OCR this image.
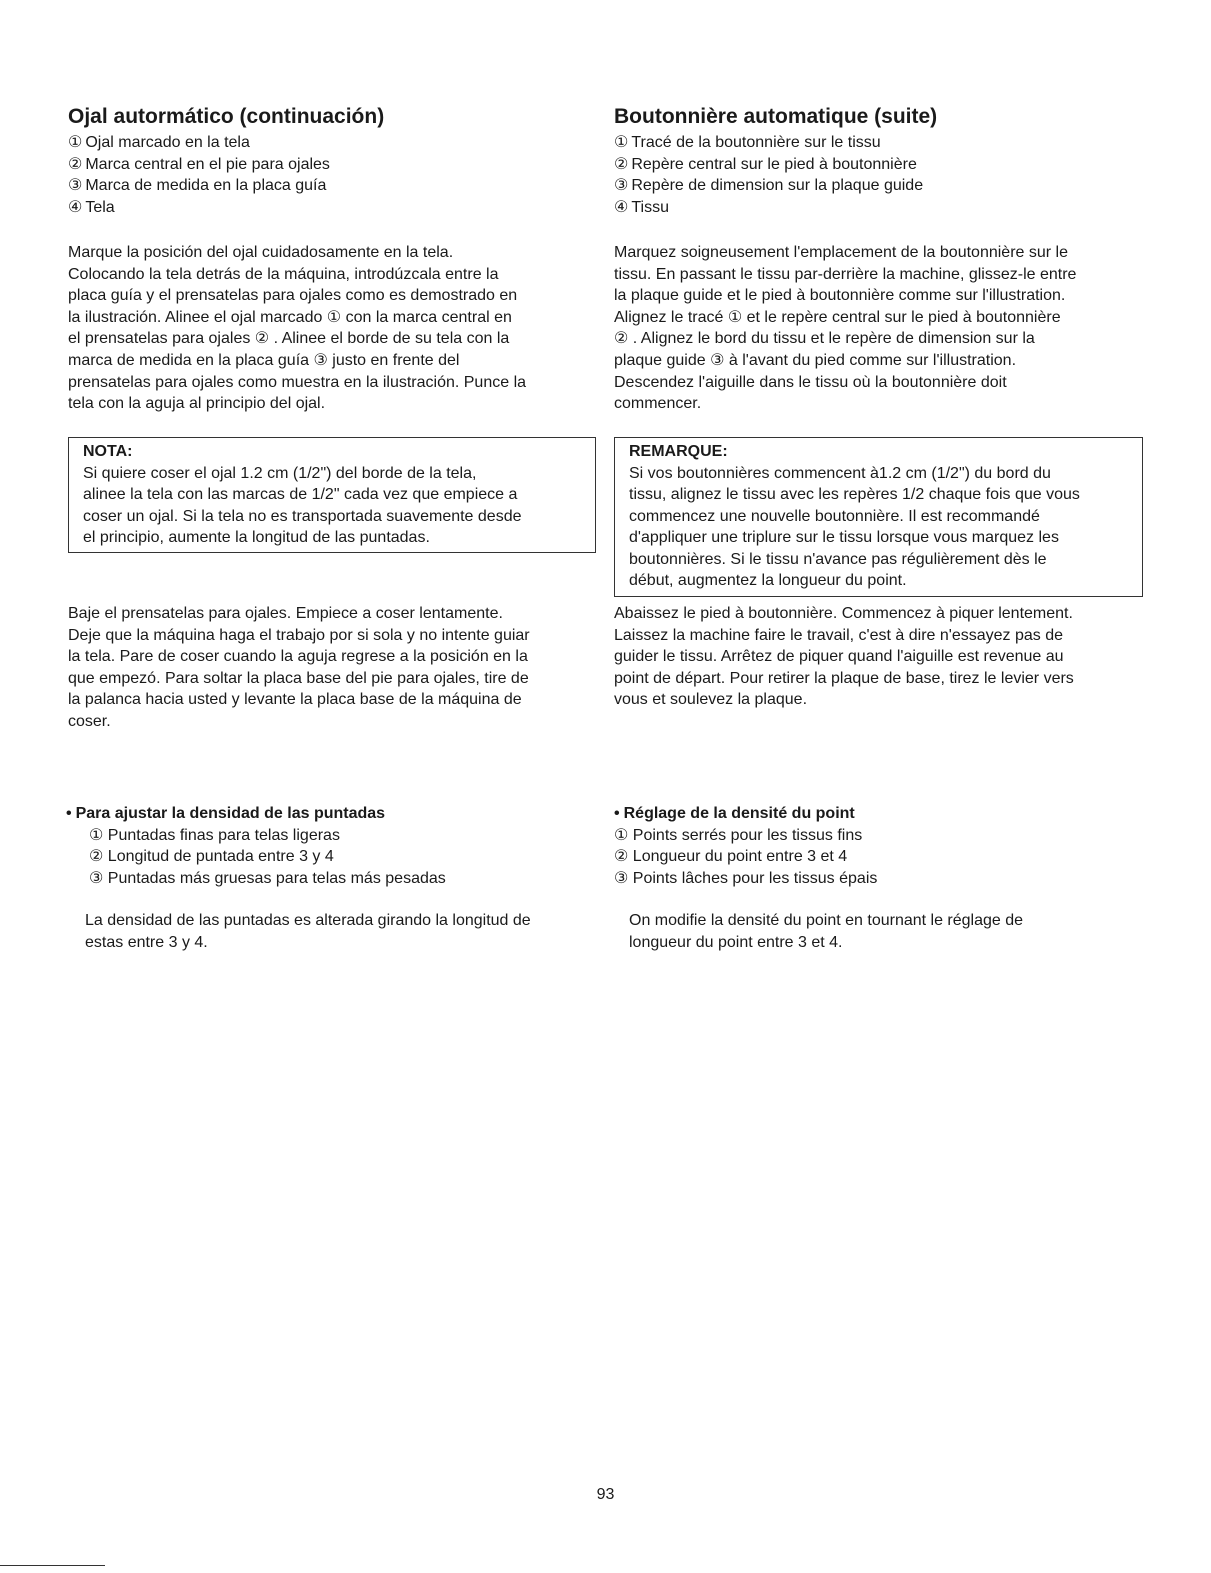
Ojal autormático (continuación)
① Ojal marcado en la tela
② Marca central en el pie para ojales
③ Marca de medida en la placa guía
④ Tela

Marque la posición del ojal cuidadosamente en la tela.
Colocando la tela detrás de la máquina, introdúzcala entre la
placa guía y el prensatelas para ojales como es demostrado en
la ilustración. Alinee el ojal marcado ① con la marca central en
el prensatelas para ojales ② . Alinee el borde de su tela con la
marca de medida en la placa guía ③ justo en frente del
prensatelas para ojales como muestra en la ilustración. Punce la
tela con la aguja al principio del ojal.

NOTA:
Si quiere coser el ojal 1.2 cm (1/2") del borde de la tela,
alinee la tela con las marcas de 1/2" cada vez que empiece a
coser un ojal. Si la tela no es transportada suavemente desde
el principio, aumente la longitud de las puntadas.

Baje el prensatelas para ojales. Empiece a coser lentamente.
Deje que la máquina haga el trabajo por si sola y no intente guiar
la tela. Pare de coser cuando la aguja regrese a la posición en la
que empezó. Para soltar la placa base del pie para ojales, tire de
la palanca hacia usted y levante la placa base de la máquina de
coser.

• Para ajustar la densidad de las puntadas
① Puntadas finas para telas ligeras
② Longitud de puntada entre 3 y 4
③ Puntadas más gruesas para telas más pesadas

La densidad de las puntadas es alterada girando la longitud de
estas entre 3 y 4.

Boutonnière automatique (suite)
① Tracé de la boutonnière sur le tissu
② Repère central sur le pied à boutonnière
③ Repère de dimension sur la plaque guide
④ Tissu

Marquez soigneusement l'emplacement de la boutonnière sur le
tissu. En passant le tissu par-derrière la machine, glissez-le entre
la plaque guide et le pied à boutonnière comme sur l'illustration.
Alignez le tracé ① et le repère central sur le pied à boutonnière
② . Alignez le bord du tissu et le repère de dimension sur la
plaque guide ③ à l'avant du pied comme sur l'illustration.
Descendez l'aiguille dans le tissu où la boutonnière doit
commencer.

REMARQUE:
Si vos boutonnières commencent à1.2 cm (1/2") du bord du
tissu, alignez le tissu avec les repères 1/2 chaque fois que vous
commencez une nouvelle boutonnière. Il est recommandé
d'appliquer une triplure sur le tissu lorsque vous marquez les
boutonnières. Si le tissu n'avance pas régulièrement dès le
début, augmentez la longueur du point.

Abaissez le pied à boutonnière. Commencez à piquer lentement.
Laissez la machine faire le travail, c'est à dire n'essayez pas de
guider le tissu. Arrêtez de piquer quand l'aiguille est revenue au
point de départ. Pour retirer la plaque de base, tirez le levier vers
vous et soulevez la plaque.

• Réglage de la densité du point
① Points serrés pour les tissus fins
② Longueur du point entre 3 et 4
③ Points lâches pour les tissus épais

On modifie la densité du point en tournant le réglage de
longueur du point entre 3 et 4.

93
